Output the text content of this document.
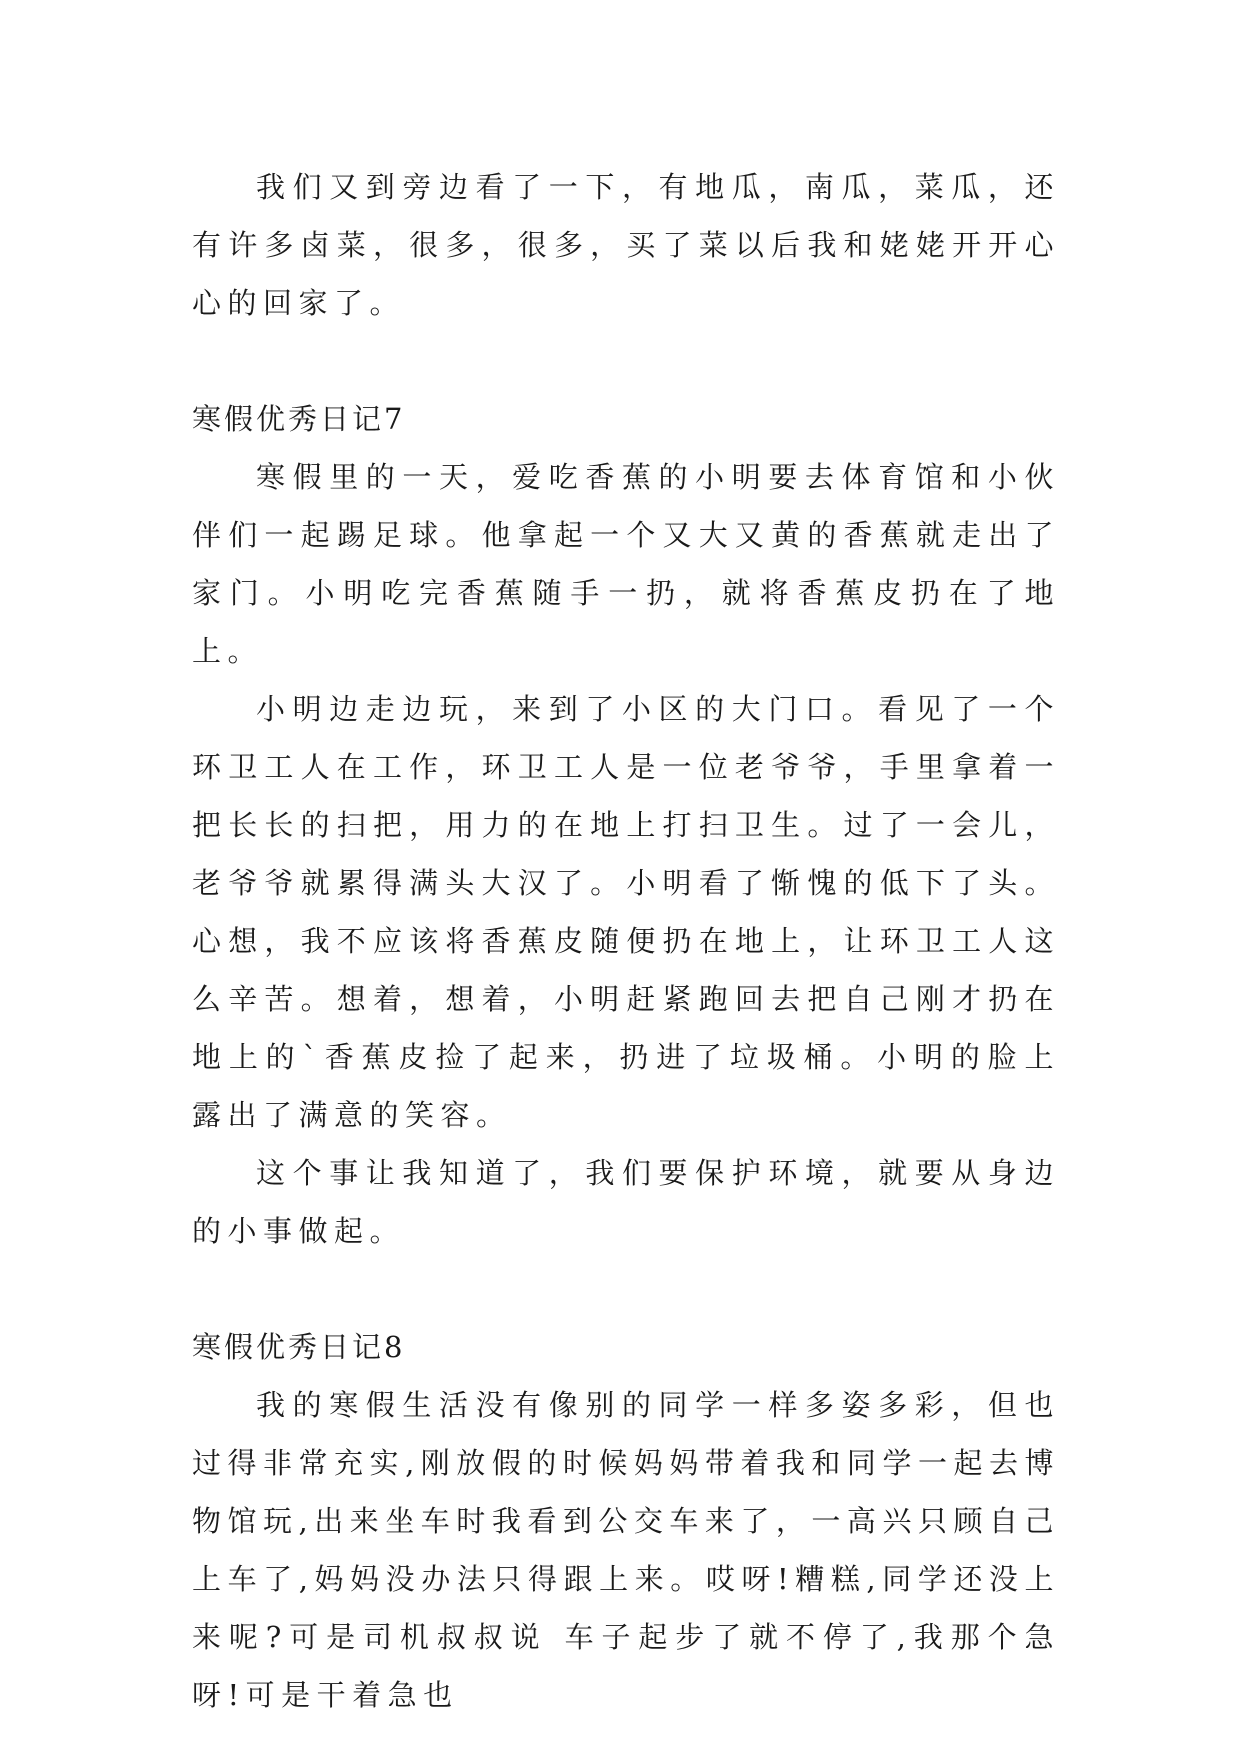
我们又到旁边看了一下，有地瓜，南瓜，菜瓜，还有许多卤菜，很多，很多，买了菜以后我和姥姥开开心心的回家了。

寒假优秀日记7

寒假里的一天，爱吃香蕉的小明要去体育馆和小伙伴们一起踢足球。他拿起一个又大又黄的香蕉就走出了家门。小明吃完香蕉随手一扔，就将香蕉皮扔在了地上。

小明边走边玩，来到了小区的大门口。看见了一个环卫工人在工作，环卫工人是一位老爷爷，手里拿着一把长长的扫把，用力的在地上打扫卫生。过了一会儿，老爷爷就累得满头大汉了。小明看了惭愧的低下了头。心想，我不应该将香蕉皮随便扔在地上，让环卫工人这么辛苦。想着，想着，小明赶紧跑回去把自己刚才扔在地上的`香蕉皮捡了起来，扔进了垃圾桶。小明的脸上露出了满意的笑容。

这个事让我知道了，我们要保护环境，就要从身边的小事做起。

寒假优秀日记8

我的寒假生活没有像别的同学一样多姿多彩，但也过得非常充实,刚放假的时候妈妈带着我和同学一起去博物馆玩,出来坐车时我看到公交车来了，一高兴只顾自己上车了,妈妈没办法只得跟上来。哎呀!糟糕,同学还没上来呢?可是司机叔叔说 车子起步了就不停了,我那个急呀!可是干着急也
